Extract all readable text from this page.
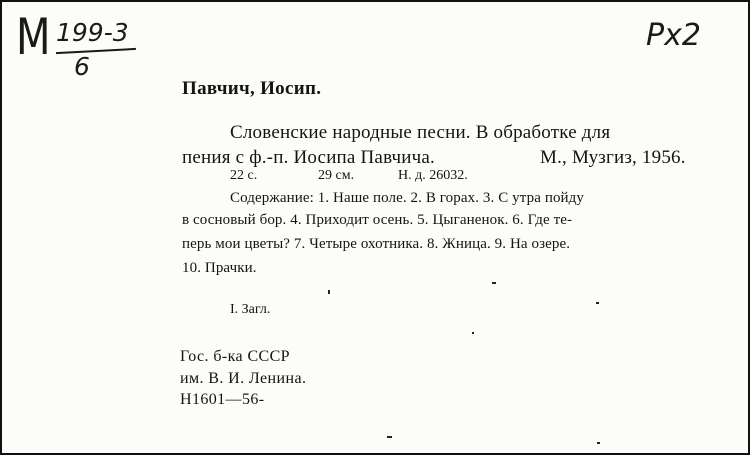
М 199-3
6
Рх2
Павчич, Иосип.
Словенские народные песни. В обработке для
пения с ф.-п. Иосипа Павчича.	М., Музгиз, 1956.
22 с.	29 см.	Н. д. 26032.
Содержание: 1. Наше поле. 2. В горах. 3. С утра пойду
в сосновый бор. 4. Приходит осень. 5. Цыганенок. 6. Где те-
перь мои цветы? 7. Четыре охотника. 8. Жница. 9. На озере.
10. Прачки.
I. Загл.
Гос. б-ка СССР
им. В. И. Ленина.
Н1601—56-
